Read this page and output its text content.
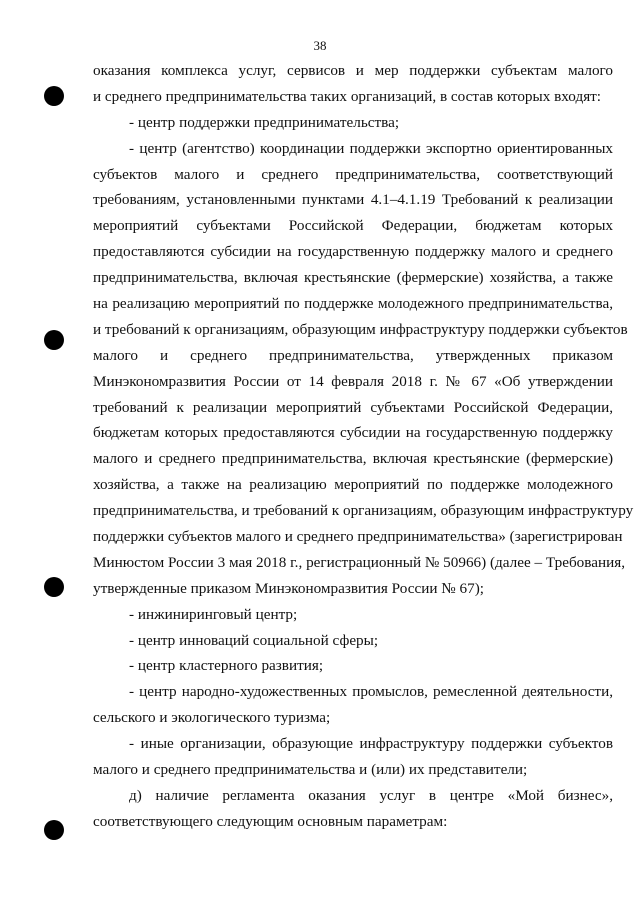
38
оказания комплекса услуг, сервисов и мер поддержки субъектам малого
и среднего предпринимательства таких организаций, в состав которых входят:
- центр поддержки предпринимательства;
- центр (агентство) координации поддержки экспортно ориентированных
субъектов малого и среднего предпринимательства, соответствующий
требованиям, установленными пунктами 4.1–4.1.19 Требований к реализации
мероприятий субъектами Российской Федерации, бюджетам которых
предоставляются субсидии на государственную поддержку малого и среднего
предпринимательства, включая крестьянские (фермерские) хозяйства, а также
на реализацию мероприятий по поддержке молодежного предпринимательства,
и требований к организациям, образующим инфраструктуру поддержки субъектов
малого и среднего предпринимательства, утвержденных приказом
Минэкономразвития России от 14 февраля 2018 г. № 67 «Об утверждении
требований к реализации мероприятий субъектами Российской Федерации,
бюджетам которых предоставляются субсидии на государственную поддержку
малого и среднего предпринимательства, включая крестьянские (фермерские)
хозяйства, а также на реализацию мероприятий по поддержке молодежного
предпринимательства, и требований к организациям, образующим инфраструктуру
поддержки субъектов малого и среднего предпринимательства» (зарегистрирован
Минюстом России 3 мая 2018 г., регистрационный № 50966) (далее – Требования,
утвержденные приказом Минэкономразвития России № 67);
- инжиниринговый центр;
- центр инноваций социальной сферы;
- центр кластерного развития;
- центр народно-художественных промыслов, ремесленной деятельности,
сельского и экологического туризма;
- иные организации, образующие инфраструктуру поддержки субъектов
малого и среднего предпринимательства и (или) их представители;
д) наличие регламента оказания услуг в центре «Мой бизнес»,
соответствующего следующим основным параметрам:
